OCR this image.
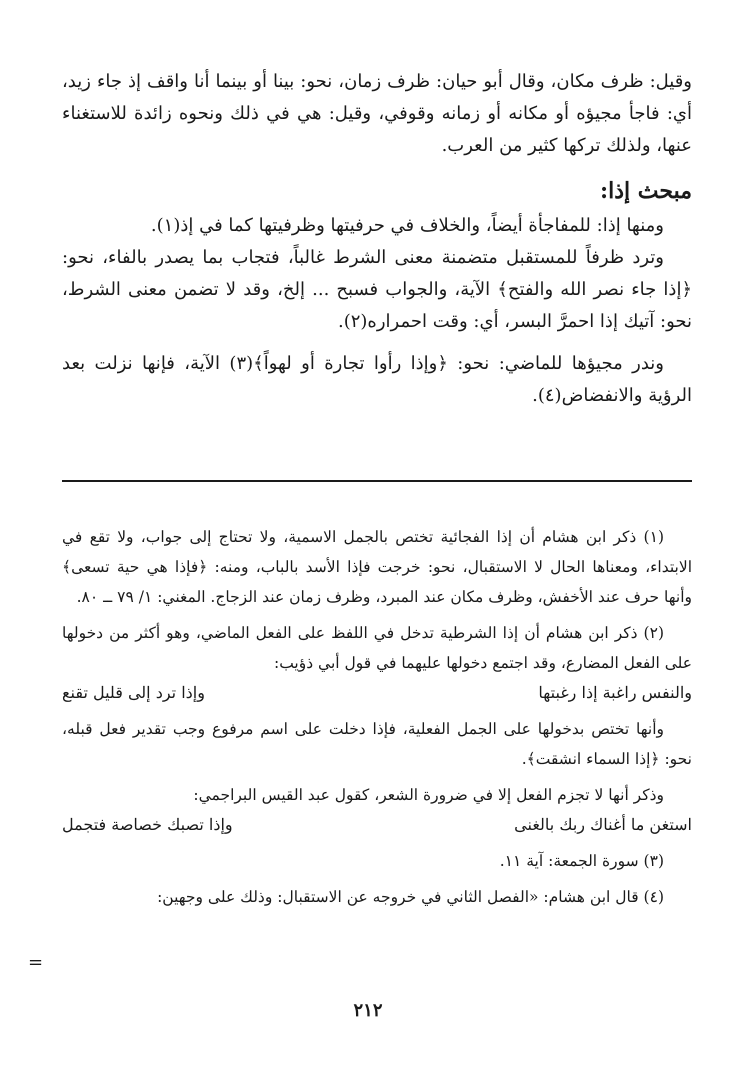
وقيل: ظرف مكان، وقال أبو حيان: ظرف زمان، نحو: بينا أو بينما أنا واقف إذ جاء زيد، أي: فاجأ مجيؤه أو مكانه أو زمانه وقوفي، وقيل: هي في ذلك ونحوه زائدة للاستغناء عنها، ولذلك تركها كثير من العرب.

مبحث إذا:

ومنها إذا: للمفاجأة أيضاً، والخلاف في حرفيتها وظرفيتها كما في إذ(١).

وترد ظرفاً للمستقبل متضمنة معنى الشرط غالباً، فتجاب بما يصدر بالفاء، نحو: ﴿إذا جاء نصر الله والفتح﴾ الآية، والجواب فسبح ... إلخ، وقد لا تضمن معنى الشرط، نحو: آتيك إذا احمرَّ البسر، أي: وقت احمراره(٢).

وندر مجيؤها للماضي: نحو: ﴿وإذا رأوا تجارة أو لهواً﴾(٣) الآية، فإنها نزلت بعد الرؤية والانفضاض(٤).

(١) ذكر ابن هشام أن إذا الفجائية تختص بالجمل الاسمية، ولا تحتاج إلى جواب، ولا تقع في الابتداء، ومعناها الحال لا الاستقبال، نحو: خرجت فإذا الأسد بالباب، ومنه: ﴿فإذا هي حية تسعى﴾ وأنها حرف عند الأخفش، وظرف مكان عند المبرد، وظرف زمان عند الزجاج. المغني: ١/ ٧٩ ــ ٨٠.

(٢) ذكر ابن هشام أن إذا الشرطية تدخل في اللفظ على الفعل الماضي، وهو أكثر من دخولها على الفعل المضارع، وقد اجتمع دخولها عليهما في قول أبي ذؤيب:

والنفس راغبة إذا رغبتها
وإذا ترد إلى قليل تقنع

وأنها تختص بدخولها على الجمل الفعلية، فإذا دخلت على اسم مرفوع وجب تقدير فعل قبله، نحو: ﴿إذا السماء انشقت﴾.

وذكر أنها لا تجزم الفعل إلا في ضرورة الشعر، كقول عبد القيس البراجمي:

استغن ما أغناك ربك بالغنى
وإذا تصبك خصاصة فتجمل

(٣) سورة الجمعة: آية ١١.

(٤) قال ابن هشام: «الفصل الثاني في خروجه عن الاستقبال: وذلك على وجهين:

=
٢١٢
